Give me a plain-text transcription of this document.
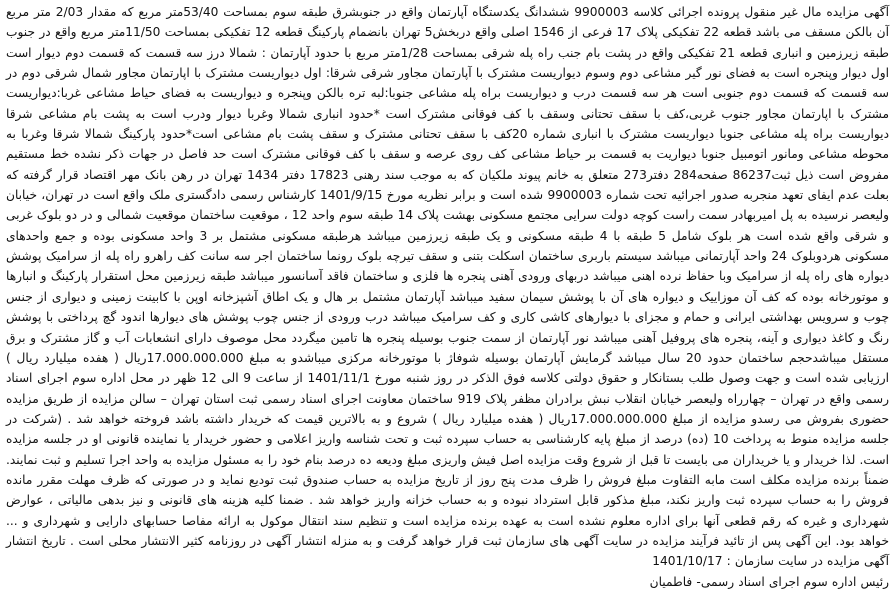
آگهی مزایده مال غیر منقول پرونده اجرائی کلاسه 9900003 ششدانگ یکدستگاه آپارتمان واقع در جنوبشرق طبقه سوم بمساحت 53/40متر مربع که مقدار 2/03 متر مربع آن بالکن مسقف می باشد قطعه 22 تفکیکی پلاک 17 فرعی از 1546 اصلی واقع دربخش5 تهران بانضمام پارکینگ قطعه 12 تفکیکی بمساحت 11/50متر مربع واقع در جنوب طبقه زیرزمین و انباری قطعه 21 تفکیکی واقع در پشت بام جنب راه پله شرقی بمساحت 1/28متر مربع با حدود آپارتمان : شمالا درز سه قسمت که قسمت دوم دیوار است اول دیوار وپنجره است به فضای نور گیر مشاعی دوم وسوم دیواریست مشترک با آپارتمان مجاور شرقی شرقا: اول دیواریست مشترک با اپارتمان مجاور شمال شرقی دوم در سه قسمت که قسمت دوم جنوبی است هر سه قسمت درب و دیواریست براه پله مشاعی جنوبا:لبه تره بالکن وپنجره و دیواریست به فضای حیاط مشاعی غربا:دیواریست مشترک با اپارتمان مجاور جنوب غربی،کف با سقف تحتانی وسقف با کف فوقانی مشترک است *حدود انباری شمالا وغربا دیوار ودرب است به پشت بام مشاعی شرقا دیواریست براه پله مشاعی جنوبا دیواریست مشترک با انباری شماره 20کف با سقف تحتانی مشترک و سقف پشت بام مشاعی است*حدود پارکینگ شمالا شرقا وغربا به محوطه مشاعی ومانور اتومبیل جنوبا دیواریت به قسمت بر حیاط مشاعی کف روی عرصه و سقف با کف فوقانی مشترک است حد فاصل در جهات ذکر نشده خط مستقیم مفروض است ذیل ثبت86237 صفحه284 دفتر273 متعلق به خانم پیوند ملکیان که به موجب سند رهنی 17823 دفتر 1434 تهران در رهن بانک مهر اقتصاد قرار گرفته که بعلت عدم ایفای تعهد منجربه صدور اجرائیه تحت شماره 9900003 شده است و برابر نظریه مورخ 1401/9/15 کارشناس رسمی دادگستری ملک واقع است در تهران، خیابان ولیعصر نرسیده به پل امیربهادر سمت راست کوچه دولت سرایی مجتمع مسکونی بهشت پلاک 14 طبقه سوم واحد 12 ، موقعیت ساختمان موقعیت شمالی و در دو بلوک غربی و شرقی واقع شده است هر بلوک شامل 5 طبقه با 4 طبقه مسکونی و یک طبقه زیرزمین میباشد هرطبقه مسکونی مشتمل بر 3 واحد مسکونی بوده و جمع واحدهای مسکونی هردوبلوک 24 واحد آپارتمانی میباشد سیستم باربری ساختمان اسکلت بتنی و سقف تیرچه بلوک رونما ساختمان اجر سه سانت کف راهرو راه پله از سرامیک پوشش دیواره های راه پله از سرامیک وبا حفاظ نرده اهنی میباشد دربهای ورودی آهنی پنجره ها فلزی و ساختمان فاقد آسانسور میباشد طبقه زیرزمین محل استقرار پارکینگ و انبارها و موتورخانه بوده که کف آن موزاییک و دیواره های آن با پوشش سیمان سفید میباشد آپارتمان مشتمل بر هال و یک اطاق آشپزخانه اوپن با کابینت زمینی و دیواری از جنس چوب و سرویس بهداشتی ایرانی و حمام و مجزای با دیوارهای کاشی کاری و کف سرامیک میباشد درب ورودی از جنس چوب پوشش های دیوارها اندود گچ پرداختی با پوشش رنگ و کاغذ دیواری و آینه، پنجره های پروفیل آهنی میباشد نور آپارتمان از سمت جنوب بوسیله پنجره ها تامین میگردد محل موصوف دارای انشعابات آب و گاز مشترک و برق مستقل میباشدحجم ساختمان حدود 20 سال میباشد گرمایش آپارتمان بوسیله شوفاژ با موتورخانه مرکزی میباشدو به مبلغ 17.000.000.000ریال ( هفده میلیارد ریال ) ارزیابی شده است و جهت وصول طلب بستانکار و حقوق دولتی کلاسه فوق الذکر در روز شنبه مورخ 1401/11/1 از ساعت 9 الی 12 ظهر در محل اداره سوم اجرای اسناد رسمی واقع در تهران – چهارراه ولیعصر خیابان انقلاب نبش برادران مظفر پلاک 919 ساختمان معاونت اجرای اسناد رسمی ثبت استان تهران – سالن مزایده از طریق مزایده حضوری بفروش می رسدو مزایده از مبلغ 17.000.000.000ریال ( هفده میلیارد ریال ) شروع و به بالاترین قیمت که خریدار داشته باشد فروخته خواهد شد . (شرکت در جلسه مزایده منوط به پرداخت 10 (ده) درصد از مبلغ پایه کارشناسی به حساب سپرده ثبت و تحت شناسه واریز اعلامی و حضور خریدار یا نماینده قانونی او در جلسه مزایده است. لذا خریدار و یا خریداران می بایست تا قبل از شروع وقت مزایده اصل فیش واریزی مبلغ ودیعه ده درصد بنام خود را به مسئول مزایده به واحد اجرا تسلیم و ثبت نمایند. ضمناً برنده مزایده مکلف است مابه التفاوت مبلغ فروش را ظرف مدت پنج روز از تاریخ مزایده به حساب صندوق ثبت تودیع نماید و در صورتی که ظرف مهلت مقرر مانده فروش را به حساب سپرده ثبت واریز نکند، مبلغ مذکور قابل استرداد نبوده و به حساب خزانه واریز خواهد شد . ضمنا کلیه هزینه های قانونی و نیز بدهی مالیاتی ، عوارض شهرداری و غیره که رقم قطعی آنها برای اداره معلوم نشده است به عهده برنده مزایده است و تنظیم سند انتقال موکول به ارائه مفاصا حسابهای دارایی و شهرداری و ... خواهد بود. این آگهی پس از تائید فرآیند مزایده در سایت آگهی های سازمان ثبت قرار خواهد گرفت و به منزله انتشار آگهی در روزنامه کثیر الانتشار محلی است . تاریخ انتشار آگهی مزایده در سایت سازمان : 1401/10/17

رئیس اداره سوم اجرای اسناد رسمی- فاطمیان
